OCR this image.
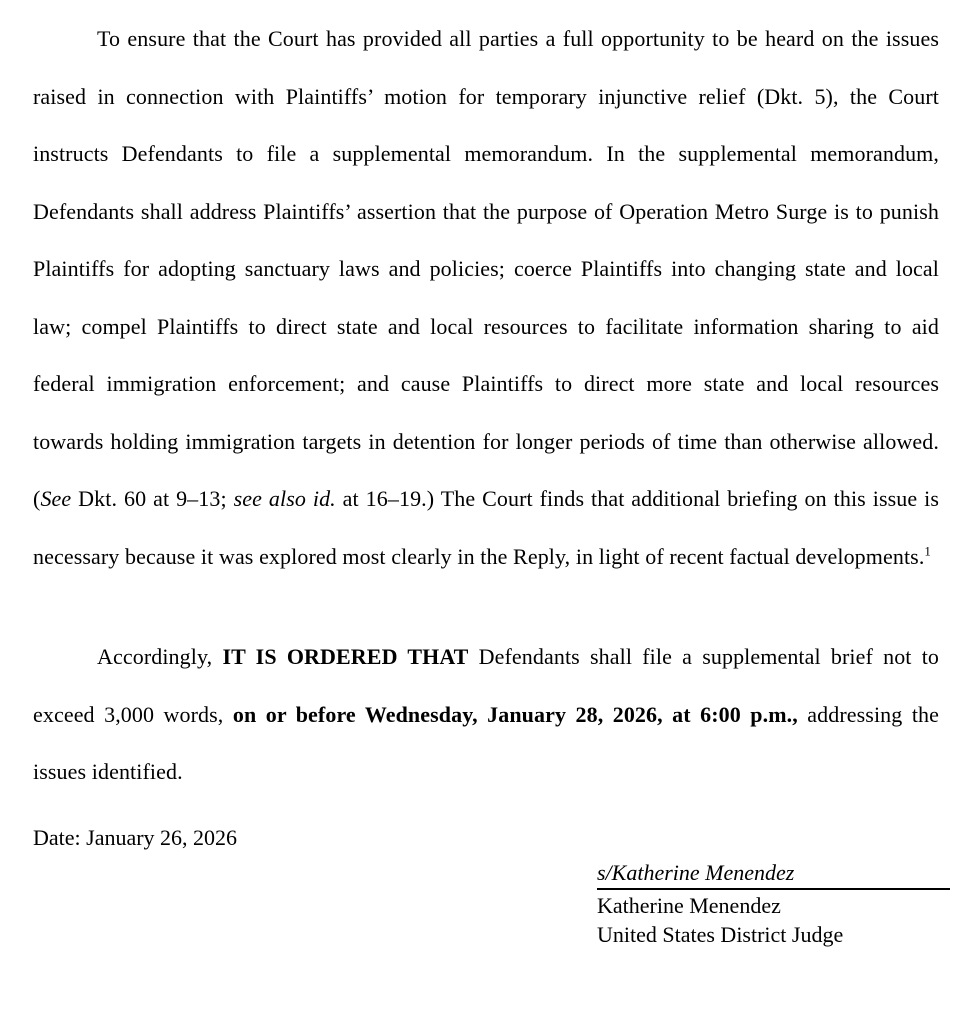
To ensure that the Court has provided all parties a full opportunity to be heard on the issues raised in connection with Plaintiffs’ motion for temporary injunctive relief (Dkt. 5), the Court instructs Defendants to file a supplemental memorandum. In the supplemental memorandum, Defendants shall address Plaintiffs’ assertion that the purpose of Operation Metro Surge is to punish Plaintiffs for adopting sanctuary laws and policies; coerce Plaintiffs into changing state and local law; compel Plaintiffs to direct state and local resources to facilitate information sharing to aid federal immigration enforcement; and cause Plaintiffs to direct more state and local resources towards holding immigration targets in detention for longer periods of time than otherwise allowed. (See Dkt. 60 at 9–13; see also id. at 16–19.) The Court finds that additional briefing on this issue is necessary because it was explored most clearly in the Reply, in light of recent factual developments.$^1$

Accordingly, IT IS ORDERED THAT Defendants shall file a supplemental brief not to exceed 3,000 words, on or before Wednesday, January 28, 2026, at 6:00 p.m., addressing the issues identified.

Date: January 26, 2026

s/Katherine Menendez
Katherine Menendez
United States District Judge
